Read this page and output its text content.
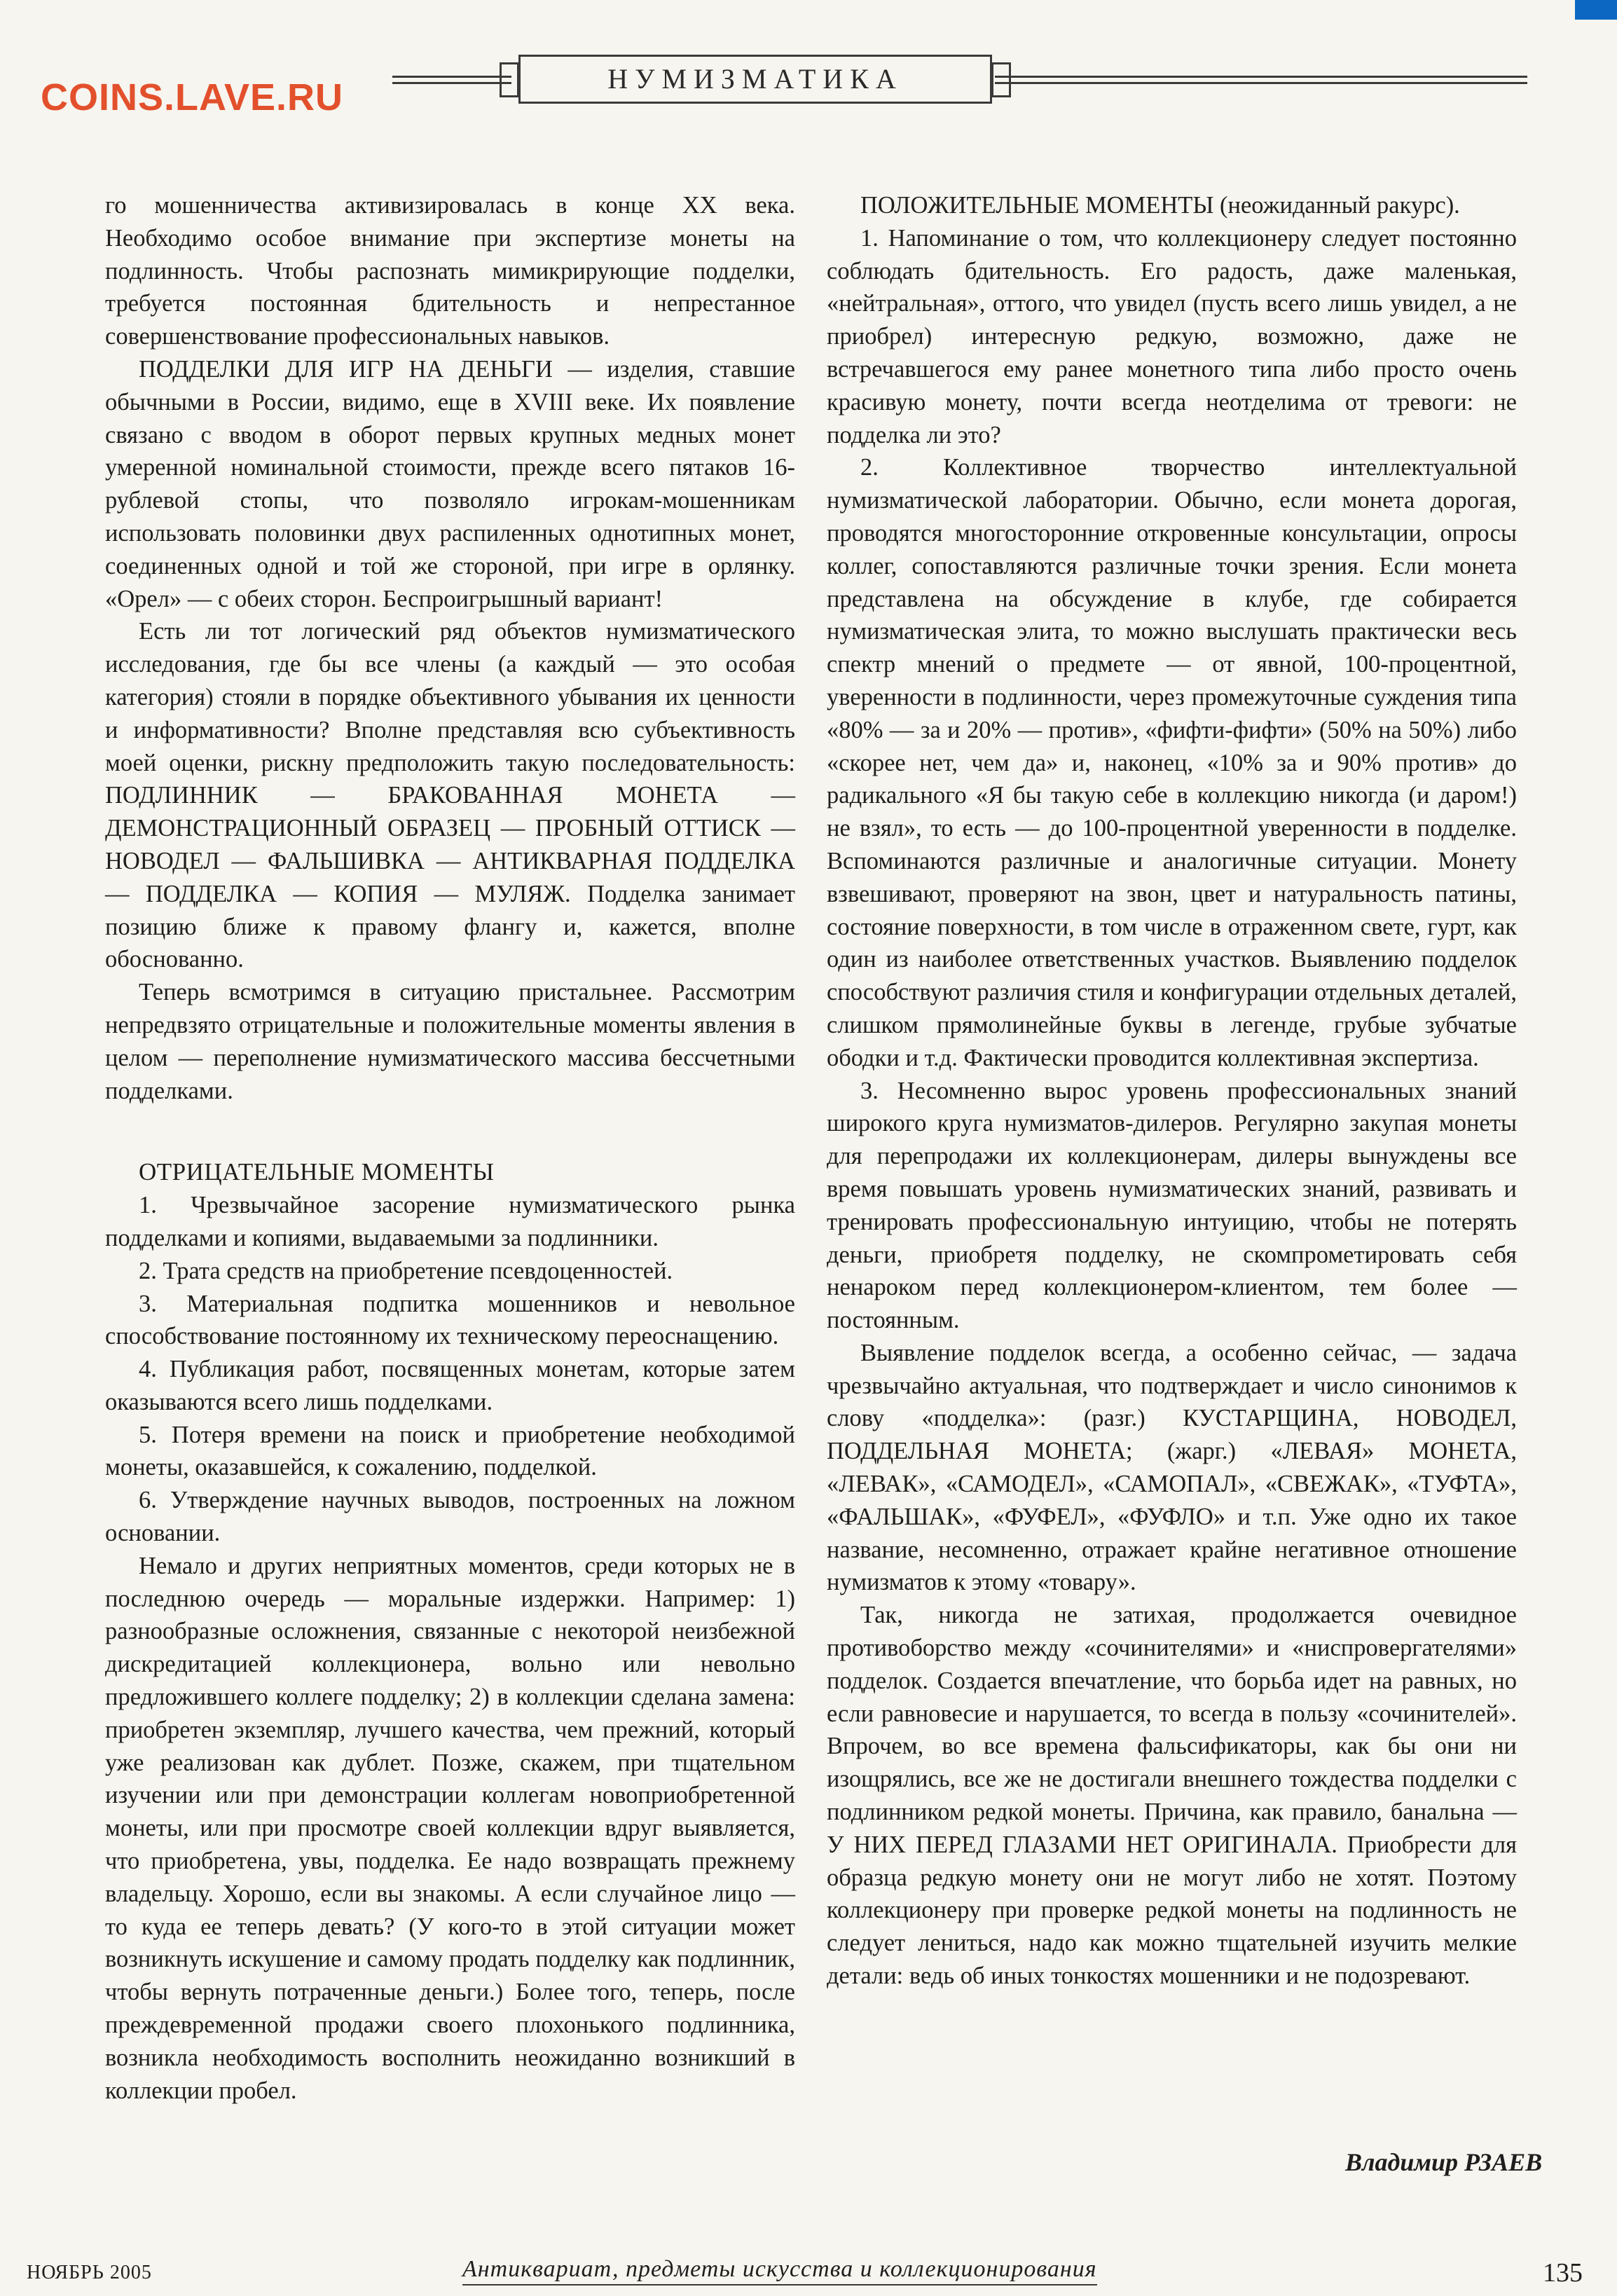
COINS.LAVE.RU	НУМИЗМАТИКА

го мошенничества активизировалась в конце XX века. Необходимо особое внимание при экспертизе монеты на подлинность. Чтобы распознать мимикрирующие подделки, требуется постоянная бдительность и непрестанное совершенствование профессиональных навыков.

ПОДДЕЛКИ ДЛЯ ИГР НА ДЕНЬГИ — изделия, ставшие обычными в России, видимо, еще в XVIII веке. Их появление связано с вводом в оборот первых крупных медных монет умеренной номинальной стоимости, прежде всего пятаков 16-рублевой стопы, что позволяло игрокам-мошенникам использовать половинки двух распиленных однотипных монет, соединенных одной и той же стороной, при игре в орлянку. «Орел» — с обеих сторон. Беспроигрышный вариант!

Есть ли тот логический ряд объектов нумизматического исследования, где бы все члены (а каждый — это особая категория) стояли в порядке объективного убывания их ценности и информативности? Вполне представляя всю субъективность моей оценки, рискну предположить такую последовательность: ПОДЛИННИК — БРАКОВАННАЯ МОНЕТА — ДЕМОНСТРАЦИОННЫЙ ОБРАЗЕЦ — ПРОБНЫЙ ОТТИСК — НОВОДЕЛ — ФАЛЬШИВКА — АНТИКВАРНАЯ ПОДДЕЛКА — ПОДДЕЛКА — КОПИЯ — МУЛЯЖ. Подделка занимает позицию ближе к правому флангу и, кажется, вполне обоснованно.

Теперь всмотримся в ситуацию пристальнее. Рассмотрим непредвзято отрицательные и положительные моменты явления в целом — переполнение нумизматического массива бессчетными подделками.

ОТРИЦАТЕЛЬНЫЕ МОМЕНТЫ

1. Чрезвычайное засорение нумизматического рынка подделками и копиями, выдаваемыми за подлинники.

2. Трата средств на приобретение псевдоценностей.

3. Материальная подпитка мошенников и невольное способствование постоянному их техническому переоснащению.

4. Публикация работ, посвященных монетам, которые затем оказываются всего лишь подделками.

5. Потеря времени на поиск и приобретение необходимой монеты, оказавшейся, к сожалению, подделкой.

6. Утверждение научных выводов, построенных на ложном основании.

Немало и других неприятных моментов, среди которых не в последнюю очередь — моральные издержки. Например: 1) разнообразные осложнения, связанные с некоторой неизбежной дискредитацией коллекционера, вольно или невольно предложившего коллеге подделку; 2) в коллекции сделана замена: приобретен экземпляр, лучшего качества, чем прежний, который уже реализован как дублет. Позже, скажем, при тщательном изучении или при демонстрации коллегам новоприобретенной монеты, или при просмотре своей коллекции вдруг выявляется, что приобретена, увы, подделка. Ее надо возвращать прежнему владельцу. Хорошо, если вы знакомы. А если случайное лицо — то куда ее теперь девать? (У кого-то в этой ситуации может возникнуть искушение и самому продать подделку как подлинник, чтобы вернуть потраченные деньги.) Более того, теперь, после преждевременной продажи своего плохонького подлинника, возникла необходимость восполнить неожиданно возникший в коллекции пробел.

ПОЛОЖИТЕЛЬНЫЕ МОМЕНТЫ (неожиданный ракурс).

1. Напоминание о том, что коллекционеру следует постоянно соблюдать бдительность. Его радость, даже маленькая, «нейтральная», оттого, что увидел (пусть всего лишь увидел, а не приобрел) интересную редкую, возможно, даже не встречавшегося ему ранее монетного типа либо просто очень красивую монету, почти всегда неотделима от тревоги: не подделка ли это?

2. Коллективное творчество интеллектуальной нумизматической лаборатории. Обычно, если монета дорогая, проводятся многосторонние откровенные консультации, опросы коллег, сопоставляются различные точки зрения. Если монета представлена на обсуждение в клубе, где собирается нумизматическая элита, то можно выслушать практически весь спектр мнений о предмете — от явной, 100-процентной, уверенности в подлинности, через промежуточные суждения типа «80% — за и 20% — против», «фифти-фифти» (50% на 50%) либо «скорее нет, чем да» и, наконец, «10% за и 90% против» до радикального «Я бы такую себе в коллекцию никогда (и даром!) не взял», то есть — до 100-процентной уверенности в подделке. Вспоминаются различные и аналогичные ситуации. Монету взвешивают, проверяют на звон, цвет и натуральность патины, состояние поверхности, в том числе в отраженном свете, гурт, как один из наиболее ответственных участков. Выявлению подделок способствуют различия стиля и конфигурации отдельных деталей, слишком прямолинейные буквы в легенде, грубые зубчатые ободки и т.д. Фактически проводится коллективная экспертиза.

3. Несомненно вырос уровень профессиональных знаний широкого круга нумизматов-дилеров. Регулярно закупая монеты для перепродажи их коллекционерам, дилеры вынуждены все время повышать уровень нумизматических знаний, развивать и тренировать профессиональную интуицию, чтобы не потерять деньги, приобретя подделку, не скомпрометировать себя ненароком перед коллекционером-клиентом, тем более — постоянным.

Выявление подделок всегда, а особенно сейчас, — задача чрезвычайно актуальная, что подтверждает и число синонимов к слову «подделка»: (разг.) КУСТАРЩИНА, НОВОДЕЛ, ПОДДЕЛЬНАЯ МОНЕТА; (жарг.) «ЛЕВАЯ» МОНЕТА, «ЛЕВАК», «САМОДЕЛ», «САМОПАЛ», «СВЕЖАК», «ТУФТА», «ФАЛЬШАК», «ФУФЕЛ», «ФУФЛО» и т.п. Уже одно их такое название, несомненно, отражает крайне негативное отношение нумизматов к этому «товару».

Так, никогда не затихая, продолжается очевидное противоборство между «сочинителями» и «ниспровергателями» подделок. Создается впечатление, что борьба идет на равных, но если равновесие и нарушается, то всегда в пользу «сочинителей». Впрочем, во все времена фальсификаторы, как бы они ни изощрялись, все же не достигали внешнего тождества подделки с подлинником редкой монеты. Причина, как правило, банальна — У НИХ ПЕРЕД ГЛАЗАМИ НЕТ ОРИГИНАЛА. Приобрести для образца редкую монету они не могут либо не хотят. Поэтому коллекционеру при проверке редкой монеты на подлинность не следует лениться, надо как можно тщательней изучить мелкие детали: ведь об иных тонкостях мошенники и не подозревают.

Владимир РЗАЕВ
НОЯБРЬ 2005	Антиквариат, предметы искусства и коллекционирования	135
